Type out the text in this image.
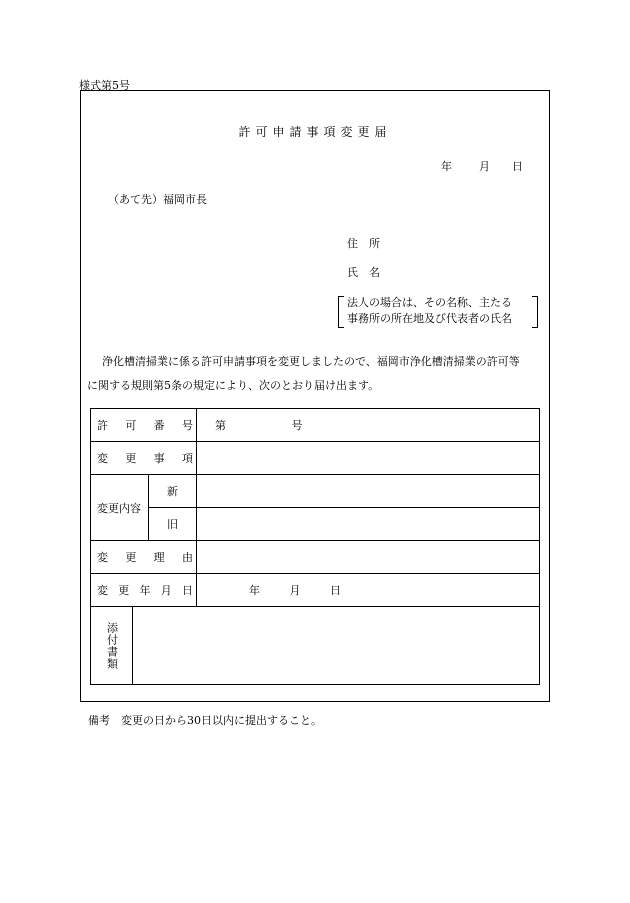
様式第5号
許可申請事項変更届
年 月 日
（あて先）福岡市長
住 所
氏 名
法人の場合は、その名称、主たる
事務所の所在地及び代表者の氏名
浄化槽清掃業に係る許可申請事項を変更しましたので、福岡市浄化槽清掃業の許可等
に関する規則第5条の規定により、次のとおり届け出ます。
許 可 番 号			第 号

変 更 事 項			

変更内容		新	
		旧	

変 更 理 由			

変 更 年 月 日			年 月 日

添付書類			

備考　変更の日から30日以内に提出すること。
